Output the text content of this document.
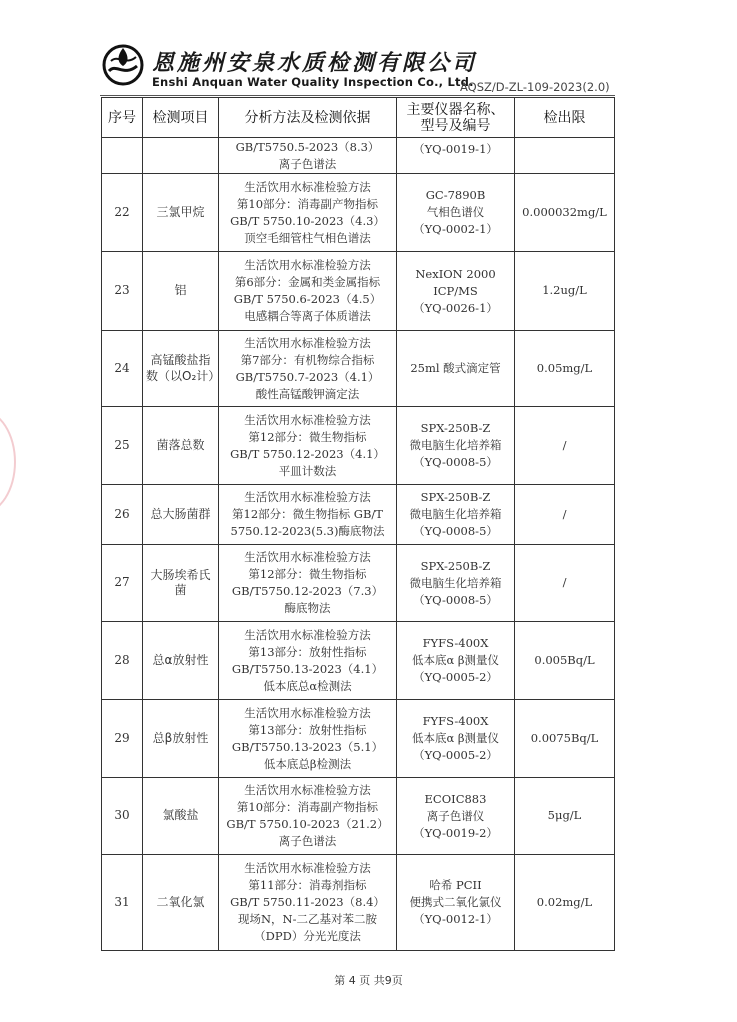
恩施州安泉水质检测有限公司
Enshi Anquan Water Quality Inspection Co., Ltd.
AQSZ/D-ZL-109-2023(2.0)
序号	检测项目	分析方法及检测依据	主要仪器名称、型号及编号	检出限

		GB/T5750.5-2023（8.3）
离子色谱法	（YQ-0019-1）	

22	三氯甲烷	生活饮用水标准检验方法
第10部分：消毒副产物指标
GB/T 5750.10-2023（4.3）
顶空毛细管柱气相色谱法	GC-7890B
气相色谱仪
（YQ-0002-1）	0.000032mg/L
23	铝	生活饮用水标准检验方法
第6部分：金属和类金属指标
GB/T 5750.6-2023（4.5）
电感耦合等离子体质谱法	NexION 2000
ICP/MS
（YQ-0026-1）	1.2ug/L
24	高锰酸盐指数（以O₂计）	生活饮用水标准检验方法
第7部分：有机物综合指标
GB/T5750.7-2023（4.1）
酸性高锰酸钾滴定法	25ml 酸式滴定管	0.05mg/L
25	菌落总数	生活饮用水标准检验方法
第12部分：微生物指标
GB/T 5750.12-2023（4.1）
平皿计数法	SPX-250B-Z
微电脑生化培养箱
（YQ-0008-5）	/
26	总大肠菌群	生活饮用水标准检验方法
第12部分：微生物指标 GB/T
5750.12-2023(5.3)酶底物法	SPX-250B-Z
微电脑生化培养箱
（YQ-0008-5）	/
27	大肠埃希氏菌	生活饮用水标准检验方法
第12部分：微生物指标
GB/T5750.12-2023（7.3）
酶底物法	SPX-250B-Z
微电脑生化培养箱
（YQ-0008-5）	/
28	总α放射性	生活饮用水标准检验方法
第13部分：放射性指标
GB/T5750.13-2023（4.1）
低本底总α检测法	FYFS-400X
低本底α β测量仪
（YQ-0005-2）	0.005Bq/L
29	总β放射性	生活饮用水标准检验方法
第13部分：放射性指标
GB/T5750.13-2023（5.1）
低本底总β检测法	FYFS-400X
低本底α β测量仪
（YQ-0005-2）	0.0075Bq/L
30	氯酸盐	生活饮用水标准检验方法
第10部分：消毒副产物指标
GB/T 5750.10-2023（21.2）
离子色谱法	ECOIC883
离子色谱仪
（YQ-0019-2）	5μg/L
31	二氧化氯	生活饮用水标准检验方法
第11部分：消毒剂指标
GB/T 5750.11-2023（8.4）
现场N，N-二乙基对苯二胺
（DPD）分光光度法	哈希 PCII
便携式二氧化氯仪
（YQ-0012-1）	0.02mg/L
第 4 页 共9页
